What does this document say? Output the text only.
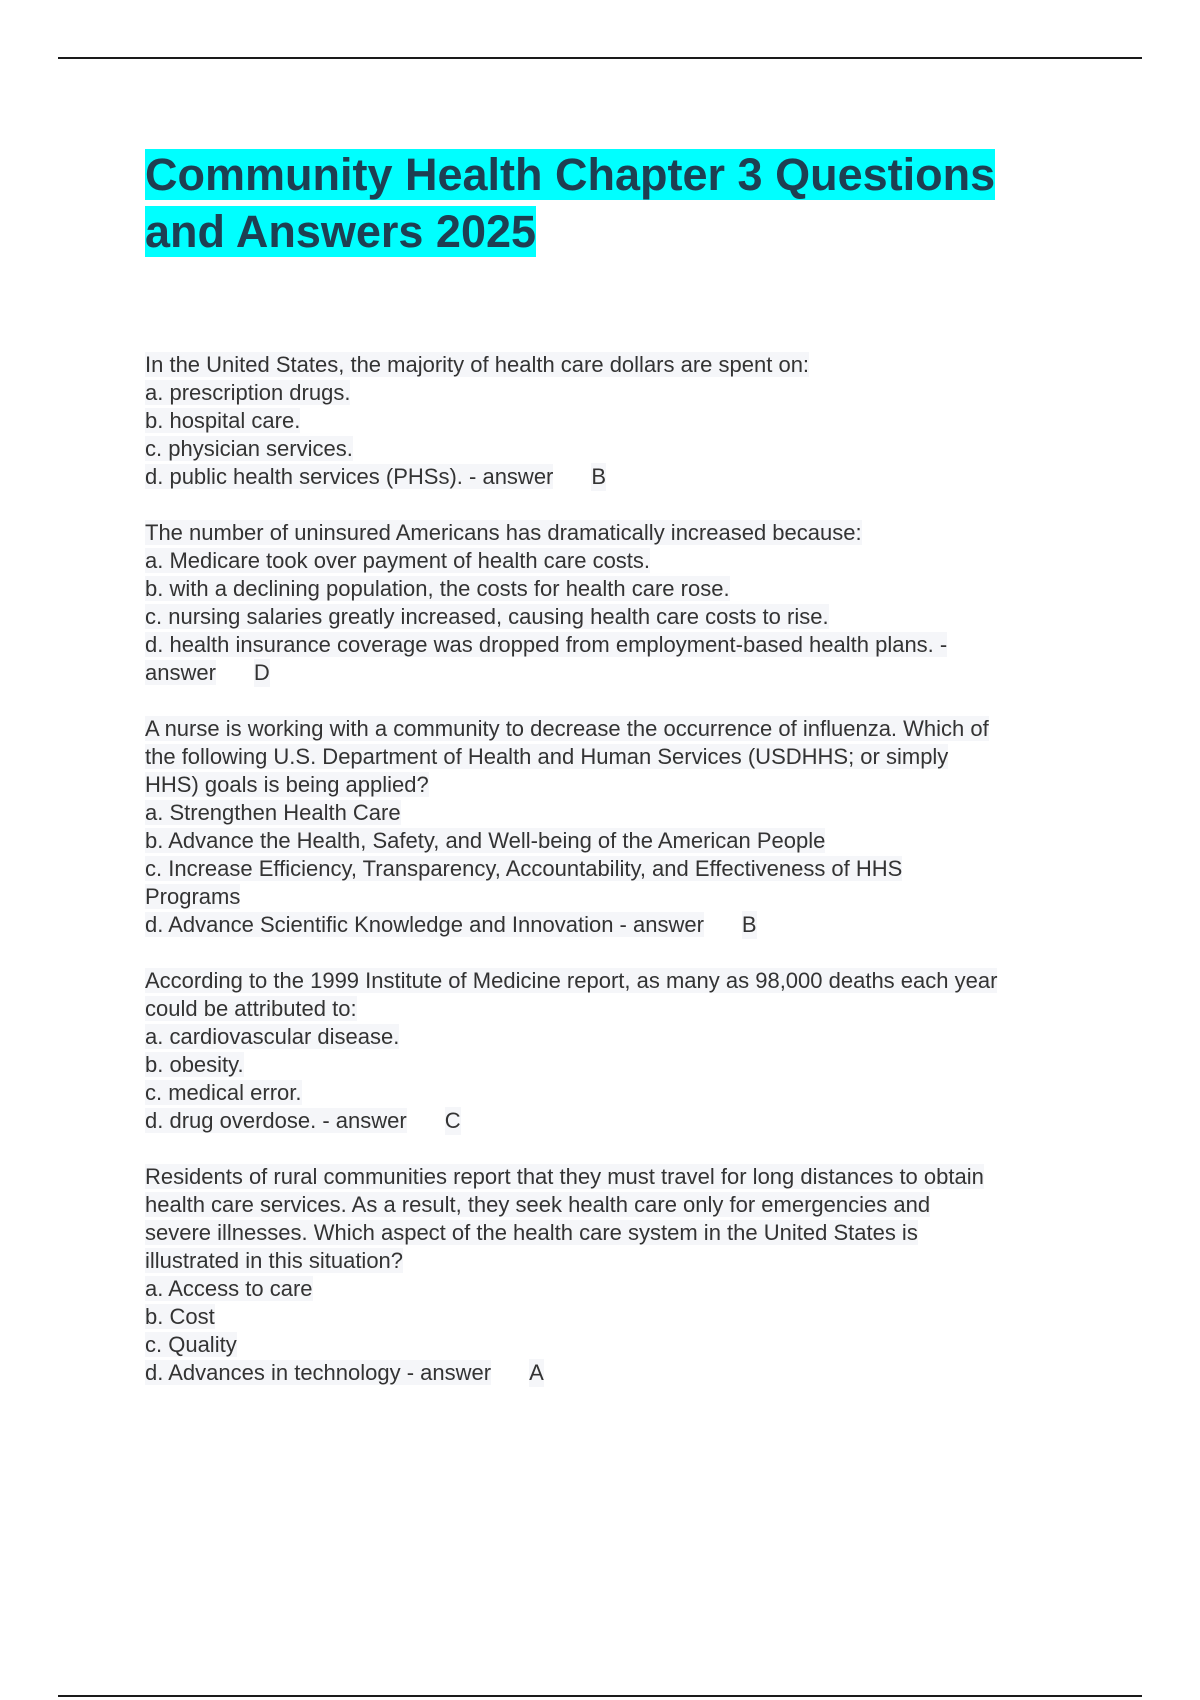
Community Health Chapter 3 Questions and Answers 2025
In the United States, the majority of health care dollars are spent on:
a. prescription drugs.
b. hospital care.
c. physician services.
d. public health services (PHSs). - answer B
The number of uninsured Americans has dramatically increased because:
a. Medicare took over payment of health care costs.
b. with a declining population, the costs for health care rose.
c. nursing salaries greatly increased, causing health care costs to rise.
d. health insurance coverage was dropped from employment-based health plans. -
answer D
A nurse is working with a community to decrease the occurrence of influenza. Which of
the following U.S. Department of Health and Human Services (USDHHS; or simply
HHS) goals is being applied?
a. Strengthen Health Care
b. Advance the Health, Safety, and Well-being of the American People
c. Increase Efficiency, Transparency, Accountability, and Effectiveness of HHS
Programs
d. Advance Scientific Knowledge and Innovation - answer B
According to the 1999 Institute of Medicine report, as many as 98,000 deaths each year
could be attributed to:
a. cardiovascular disease.
b. obesity.
c. medical error.
d. drug overdose. - answer C
Residents of rural communities report that they must travel for long distances to obtain
health care services. As a result, they seek health care only for emergencies and
severe illnesses. Which aspect of the health care system in the United States is
illustrated in this situation?
a. Access to care
b. Cost
c. Quality
d. Advances in technology - answer A
